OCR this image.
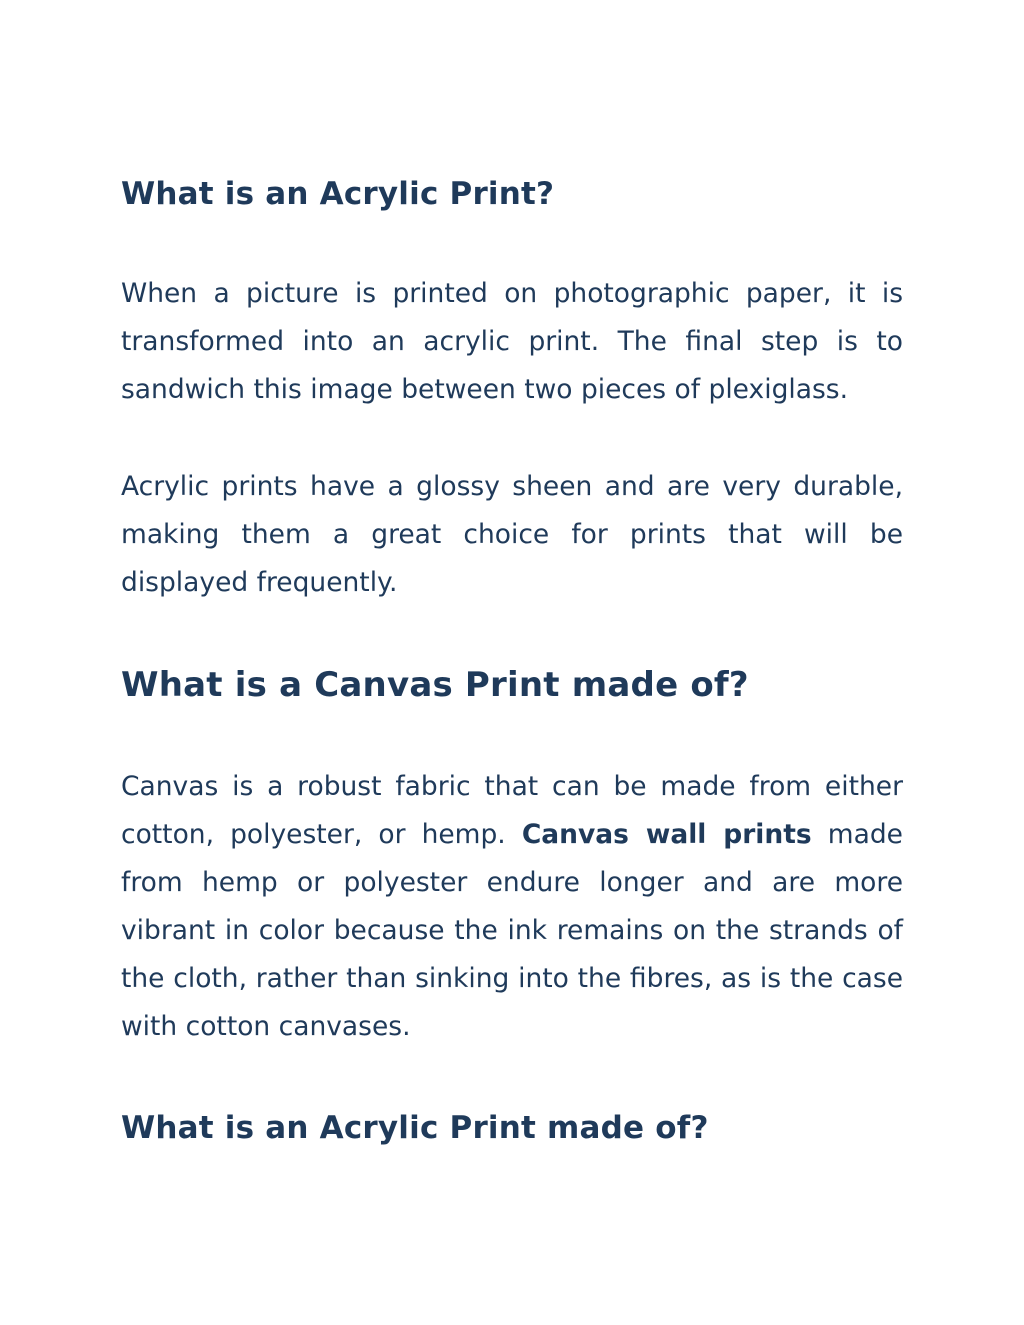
What is an Acrylic Print?

When a picture is printed on photographic paper, it is transformed into an acrylic print. The final step is to sandwich this image between two pieces of plexiglass.

Acrylic prints have a glossy sheen and are very durable, making them a great choice for prints that will be displayed frequently.

What is a Canvas Print made of?

Canvas is a robust fabric that can be made from either cotton, polyester, or hemp. Canvas wall prints made from hemp or polyester endure longer and are more vibrant in color because the ink remains on the strands of the cloth, rather than sinking into the fibres, as is the case with cotton canvases.

What is an Acrylic Print made of?
